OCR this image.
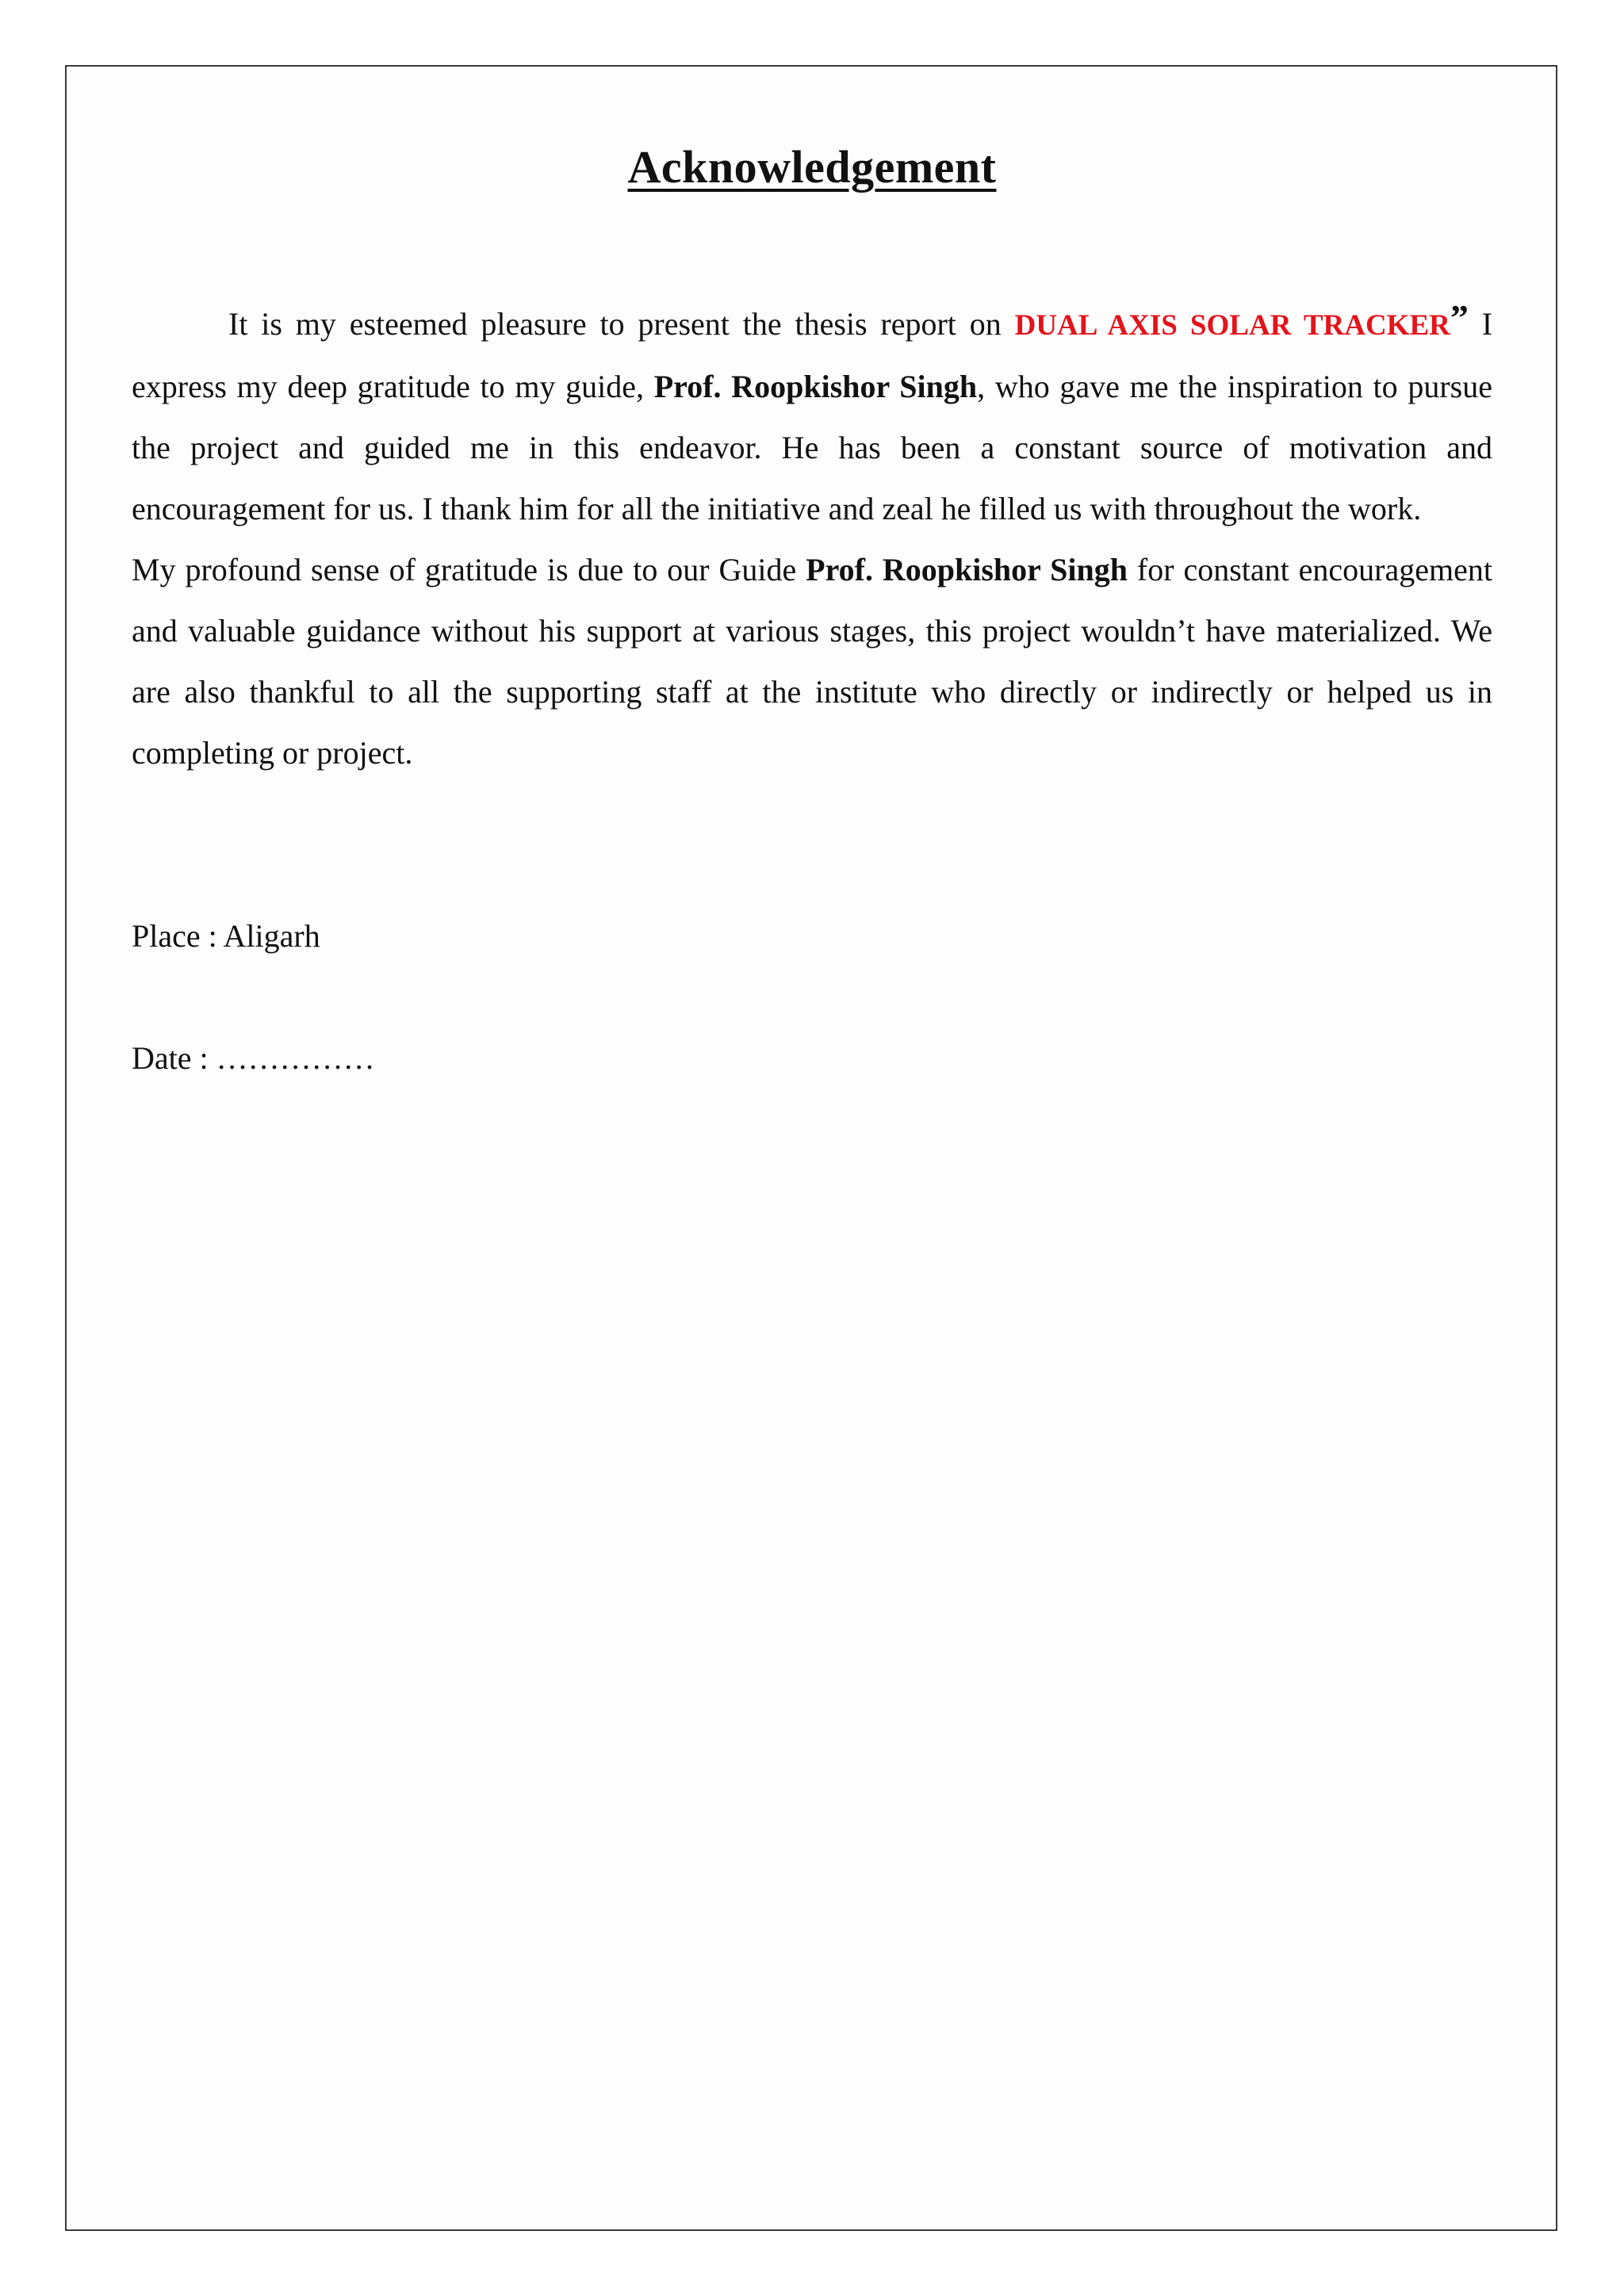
Acknowledgement

It is my esteemed pleasure to present the thesis report on DUAL AXIS SOLAR TRACKER” I express my deep gratitude to my guide, Prof. Roopkishor Singh, who gave me the inspiration to pursue the project and guided me in this endeavor. He has been a constant source of motivation and encouragement for us. I thank him for all the initiative and zeal he filled us with throughout the work.

My profound sense of gratitude is due to our Guide Prof. Roopkishor Singh for constant encouragement and valuable guidance without his support at various stages, this project wouldn’t have materialized. We are also thankful to all the supporting staff at the institute who directly or indirectly or helped us in completing or project.

Place : Aligarh

Date : ……………
